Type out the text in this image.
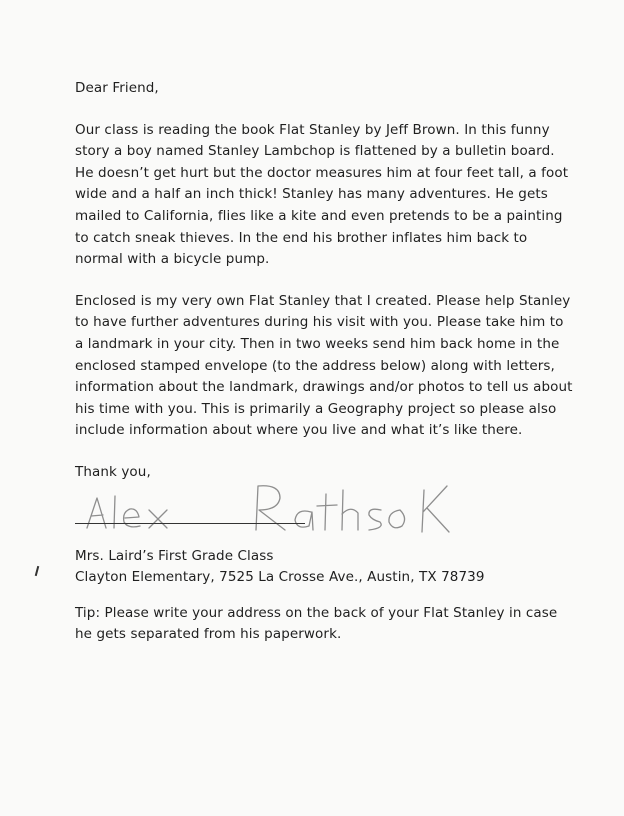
Dear Friend,

Our class is reading the book Flat Stanley by Jeff Brown. In this funny story a boy named Stanley Lambchop is flattened by a bulletin board. He doesn’t get hurt but the doctor measures him at four feet tall, a foot wide and a half an inch thick! Stanley has many adventures. He gets mailed to California, flies like a kite and even pretends to be a painting to catch sneak thieves. In the end his brother inflates him back to normal with a bicycle pump.

Enclosed is my very own Flat Stanley that I created. Please help Stanley to have further adventures during his visit with you. Please take him to a landmark in your city. Then in two weeks send him back home in the enclosed stamped envelope (to the address below) along with letters, information about the landmark, drawings and/or photos to tell us about his time with you. This is primarily a Geography project so please also include information about where you live and what it’s like there.

Thank you,

Mrs. Laird’s First Grade Class
Clayton Elementary, 7525 La Crosse Ave., Austin, TX 78739

Tip: Please write your address on the back of your Flat Stanley in case he gets separated from his paperwork.
